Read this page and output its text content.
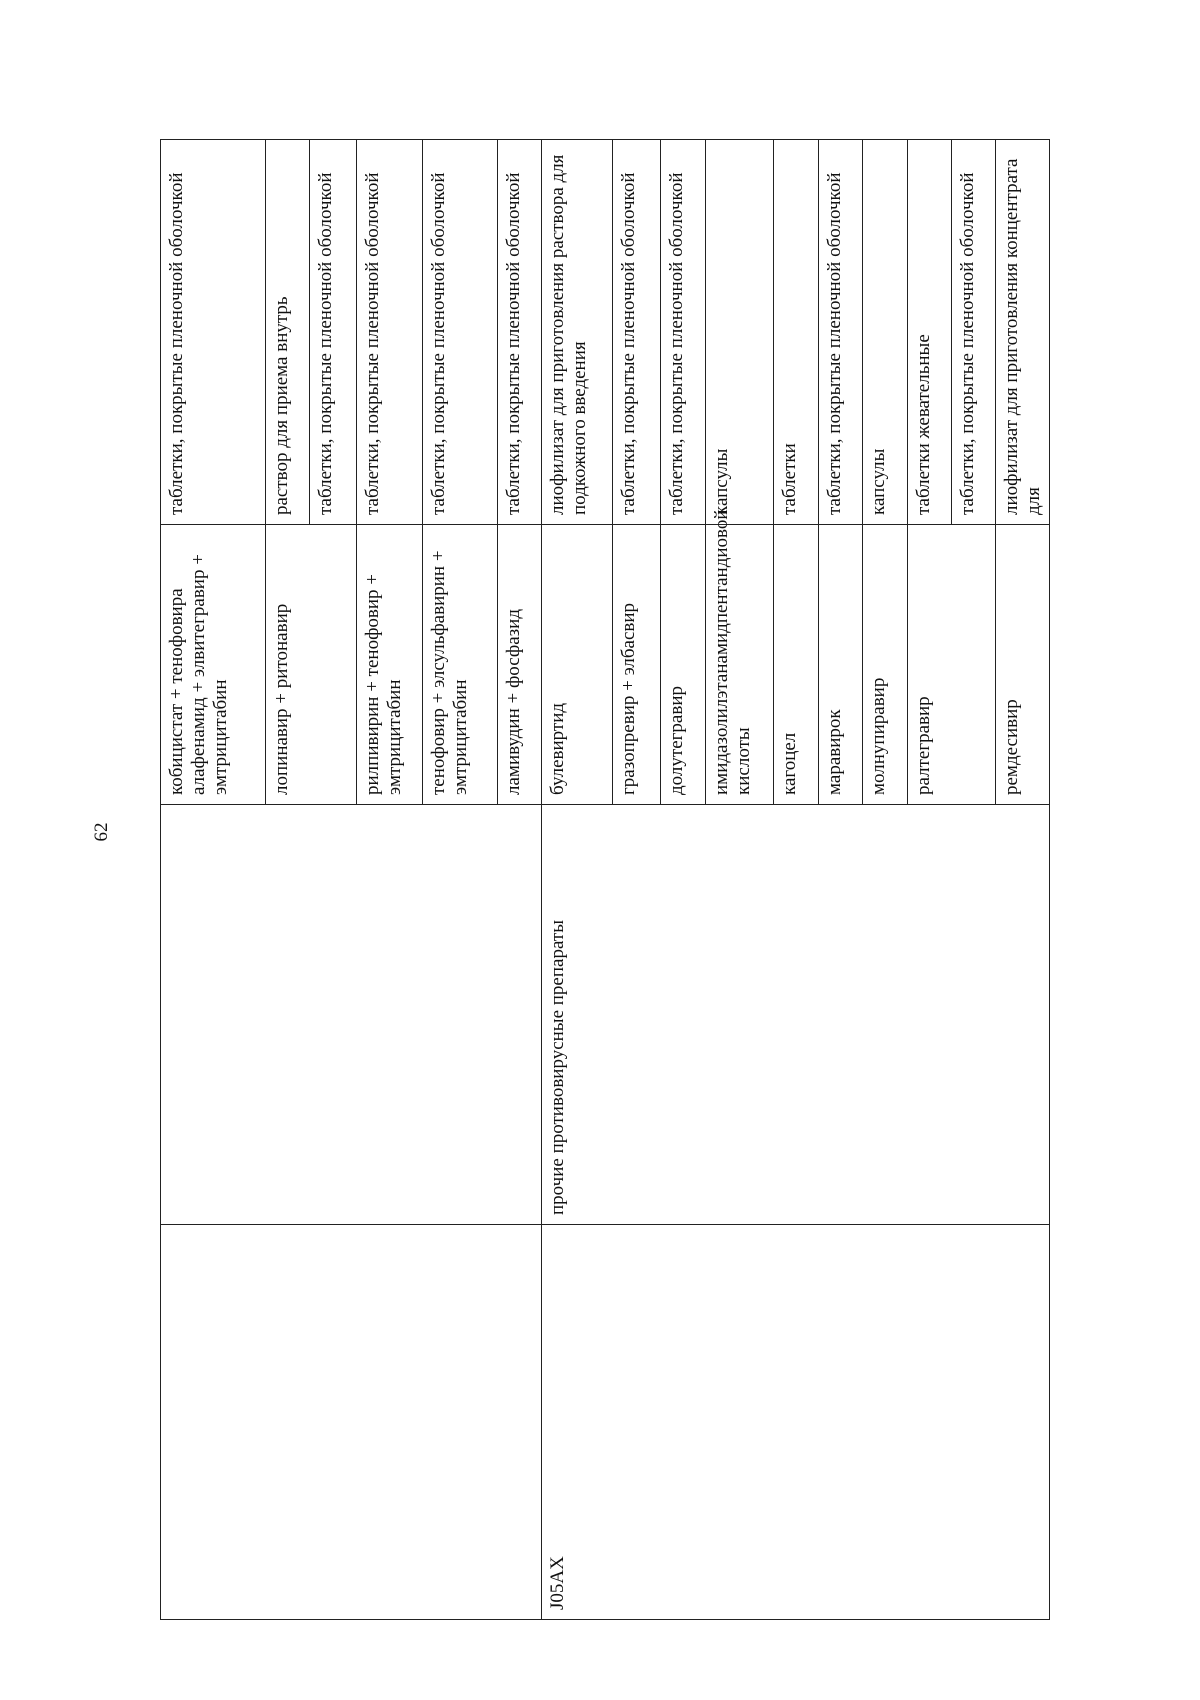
62
		кобицистат + тенофовира алафенамид + элвитегравир + эмтрицитабин	таблетки, покрытые пленочной оболочкой
		лопинавир + ритонавир	раствор для приема внутрь
			таблетки, покрытые пленочной оболочкой
		рилпивирин + тенофовир + эмтрицитабин	таблетки, покрытые пленочной оболочкой
		тенофовир + элсульфавирин + эмтрицитабин	таблетки, покрытые пленочной оболочкой
		ламивудин + фосфазид	таблетки, покрытые пленочной оболочкой
J05AX	прочие противовирусные препараты	булевиртид	лиофилизат для приготовления раствора для подкожного введения
		гразопревир + элбасвир	таблетки, покрытые пленочной оболочкой
		долутегравир	таблетки, покрытые пленочной оболочкой
		имидазолилэтанамидпентандиовой кислоты	капсулы
		кагоцел	таблетки
		маравирок	таблетки, покрытые пленочной оболочкой
		молнупиравир	капсулы
		ралтегравир	таблетки жевательные
			таблетки, покрытые пленочной оболочкой
		ремдесивир	лиофилизат для приготовления концентрата для
